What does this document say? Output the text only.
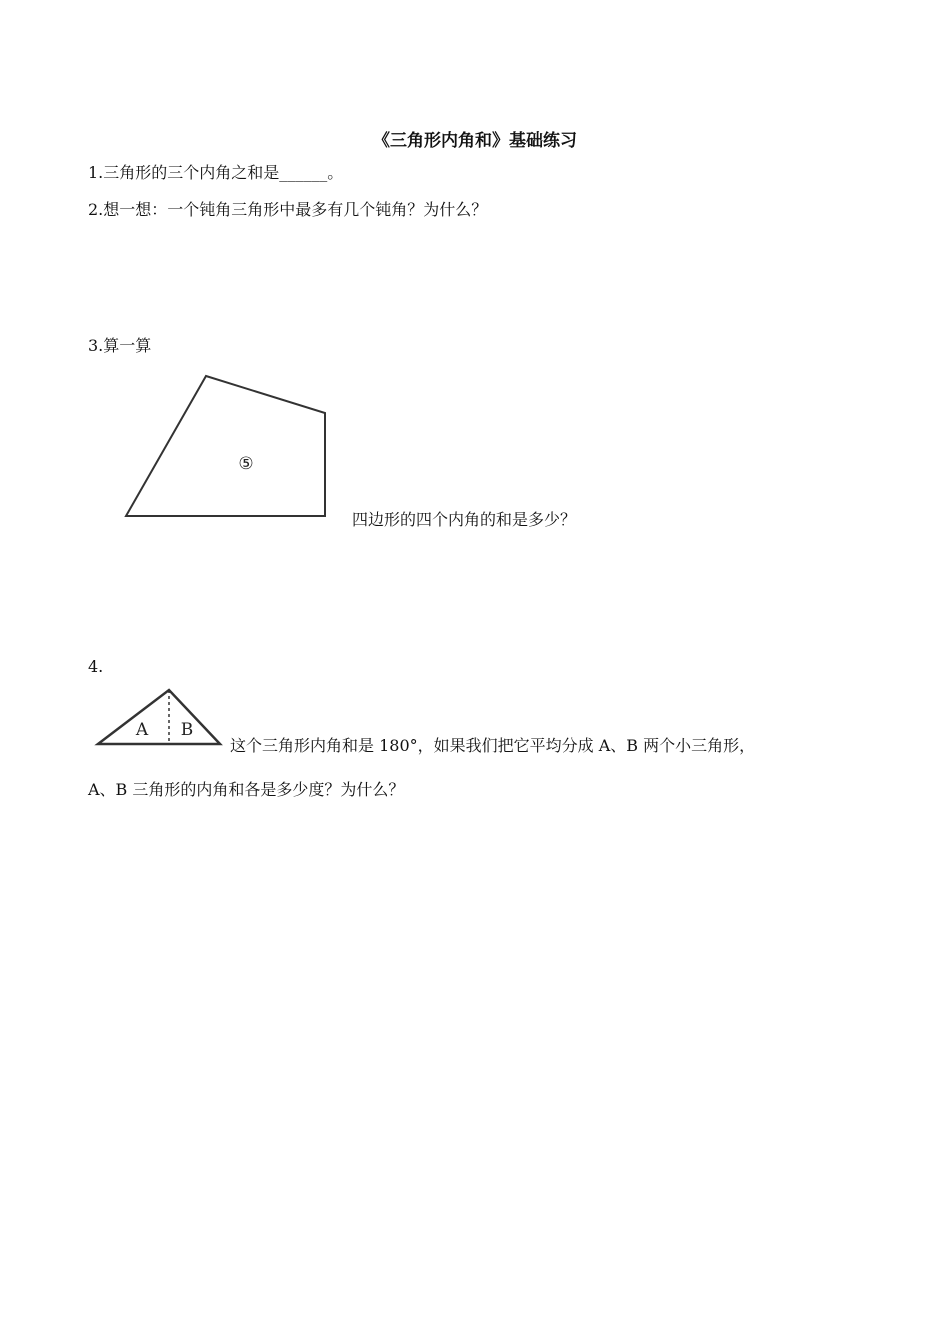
《三角形内角和》基础练习
1.三角形的三个内角之和是______。
2.想一想：一个钝角三角形中最多有几个钝角？为什么？
3.算一算
⑤
四边形的四个内角的和是多少？
4.
A B
这个三角形内角和是 180°，如果我们把它平均分成 A、B 两个小三角形，
A、B 三角形的内角和各是多少度？为什么？
